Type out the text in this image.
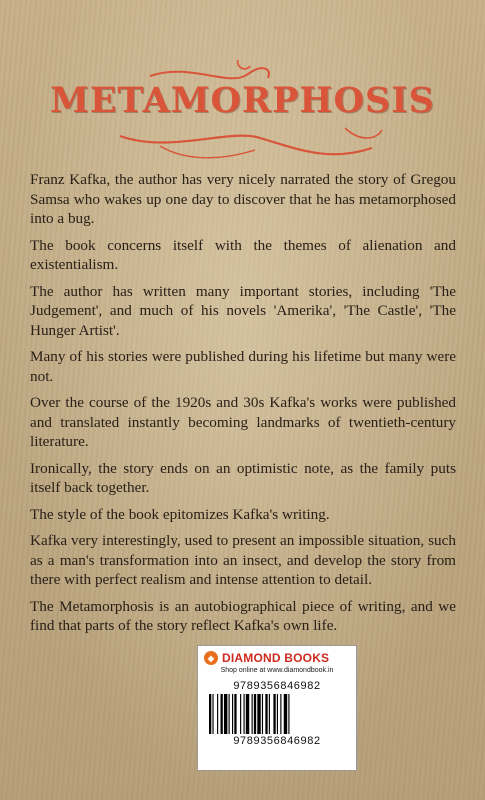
METAMORPHOSIS

Franz Kafka, the author has very nicely narrated the story of Gregou Samsa who wakes up one day to discover that he has metamorphosed into a bug.

The book concerns itself with the themes of alienation and existentialism.

The author has written many important stories, including 'The Judgement', and much of his novels 'Amerika', 'The Castle', 'The Hunger Artist'.

Many of his stories were published during his lifetime but many were not.

Over the course of the 1920s and 30s Kafka's works were published and translated instantly becoming landmarks of twentieth-century literature.

Ironically, the story ends on an optimistic note, as the family puts itself back together.

The style of the book epitomizes Kafka's writing.

Kafka very interestingly, used to present an impossible situation, such as a man's transformation into an insect, and develop the story from there with perfect realism and intense attention to detail.

The Metamorphosis is an autobiographical piece of writing, and we find that parts of the story reflect Kafka's own life.

◆ DIAMOND BOOKS
Shop online at www.diamondbook.in
9789356846982
9789356846982
